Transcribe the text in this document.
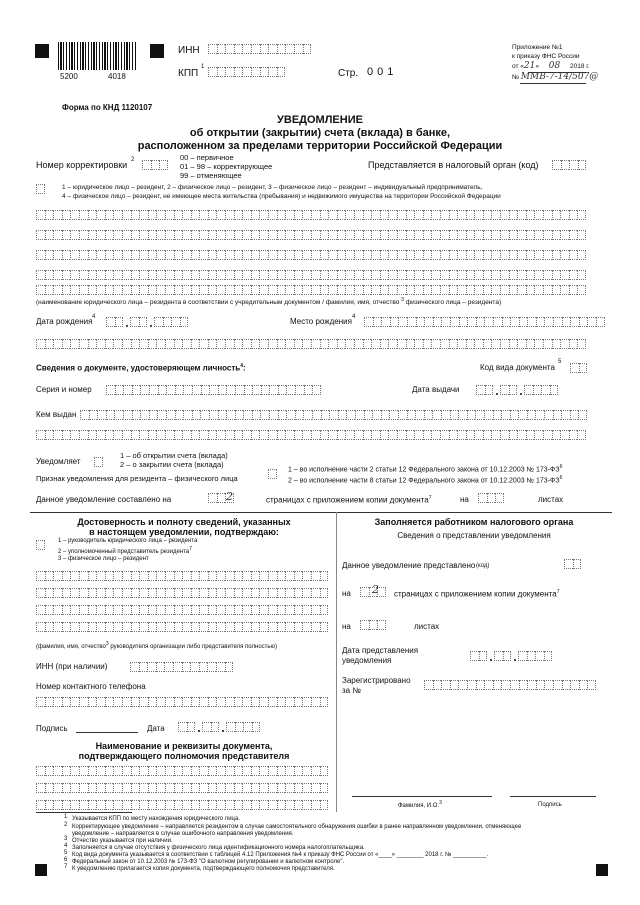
5200	4018
ИНН
КПП
1
Стр. 001
Приложение №1
к приказу ФНС России
от «21» 08 2018 г.
№ ММВ-7-14/507@
Форма по КНД 1120107
УВЕДОМЛЕНИЕ
об открытии (закрытии) счета (вклада) в банке,
расположенном за пределами территории Российской Федерации
Номер корректировки 2	00 – первичное
01 – 98 – корректирующее
99 – отменяющее
Представляется в налоговый орган (код)
1 – юридическое лицо – резидент, 2 – физическое лицо – резидент, 3 – физическое лицо – резидент – индивидуальный предприниматель,
4 – физическое лицо – резидент, не имеющее места жительства (пребывания) и недвижимого имущества на территории Российской Федерации
(наименование юридического лица – резидента в соответствии с учредительным документом / фамилия, имя, отчество $^3$ физического лица – резидента)
Дата рождения 4	Место рождения 4
Сведения о документе, удостоверяющем личность$^4$:	Код вида документа
5
Серия и номер	Дата выдачи
Кем выдан
Уведомляет
1 – об открытии счета (вклада)
2 – о закрытии счета (вклада)
Признак уведомления для резидента – физического лица
1 – во исполнение части 2 статьи 12 Федерального закона от 10.12.2003 № $173-ФЗ^6$
2 – во исполнение части 8 статьи 12 Федерального закона от 10.12.2003 № $173-ФЗ^6$
Данное уведомление составлено на	2	страницах с приложением копии документа$^7$	на	листах
Достоверность и полноту сведений, указанных
в настоящем уведомлении, подтверждаю:
1 – руководитель юридического лица – резидента
2 – уполномоченный представитель резидента$^7$
3 – физическое лицо – резидент
(фамилия, имя, отчество$^3$ руководителя организации либо представителя полностью)
ИНН (при наличии)
Номер контактного телефона
Подпись	Дата
Наименование и реквизиты документа,
подтверждающего полномочия представителя
Заполняется работником налогового органа
Сведения о представлении уведомления
Данное уведомление представлено (код)
на 2 страницах с приложением копии документа$^7$
на	листах
Дата представления
уведомления
Зарегистрировано
за №
Фамилия, И.О.$^3$	Подпись
1 Указывается КПП по месту нахождения юридического лица.
2 Корректирующее уведомление – направляется резидентом в случае самостоятельного обнаружения ошибки в ранее направленном уведомлении, отменяющее
уведомление – направляется в случае ошибочного направления уведомления.
3 Отчество указывается при наличии.
4 Заполняется в случае отсутствия у физического лица идентификационного номера налогоплательщика.
5 Код вида документа указывается в соответствии с таблицей 4.12 Приложения №4 к приказу ФНС России от «____» ________ 2018 г. № __________.
6 Федеральный закон от 10.12.2003 № 173-ФЗ "О валютном регулировании и валютном контроле".
7 К уведомлению прилагается копия документа, подтверждающего полномочия представителя.
